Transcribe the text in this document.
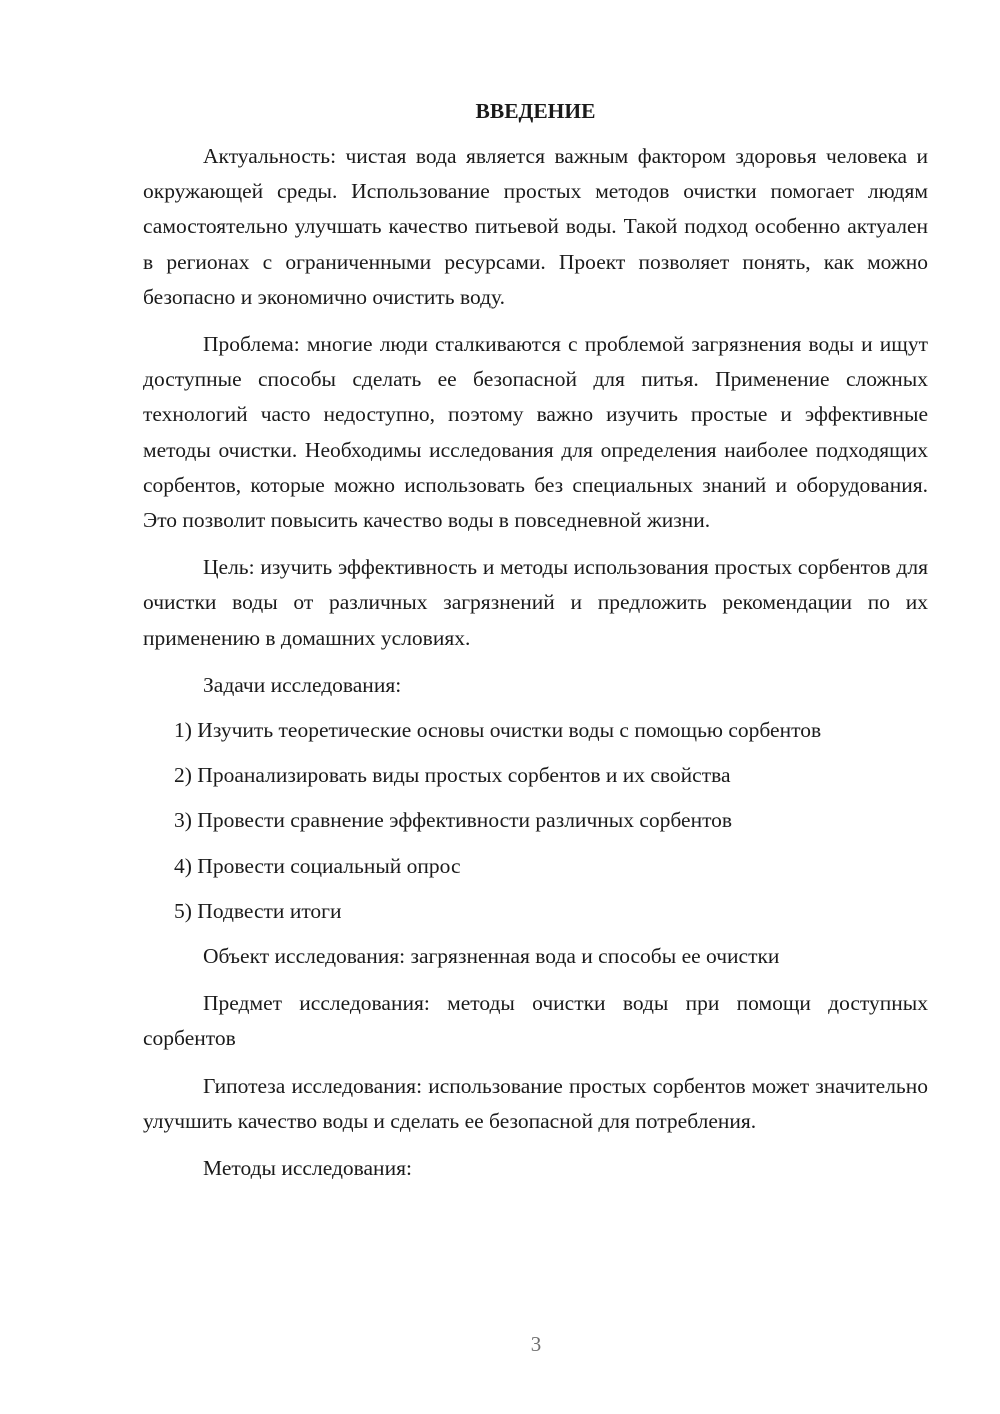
ВВЕДЕНИЕ

Актуальность: чистая вода является важным фактором здоровья человека и окружающей среды. Использование простых методов очистки помогает людям самостоятельно улучшать качество питьевой воды. Такой подход особенно актуален в регионах с ограниченными ресурсами. Проект позволяет понять, как можно безопасно и экономично очистить воду.

Проблема: многие люди сталкиваются с проблемой загрязнения воды и ищут доступные способы сделать ее безопасной для питья. Применение сложных технологий часто недоступно, поэтому важно изучить простые и эффективные методы очистки. Необходимы исследования для определения наиболее подходящих сорбентов, которые можно использовать без специальных знаний и оборудования. Это позволит повысить качество воды в повседневной жизни.

Цель: изучить эффективность и методы использования простых сорбентов для очистки воды от различных загрязнений и предложить рекомендации по их применению в домашних условиях.

Задачи исследования:

1) Изучить теоретические основы очистки воды с помощью сорбентов
2) Проанализировать виды простых сорбентов и их свойства
3) Провести сравнение эффективности различных сорбентов
4) Провести социальный опрос
5) Подвести итоги

Объект исследования: загрязненная вода и способы ее очистки

Предмет исследования: методы очистки воды при помощи доступных сорбентов

Гипотеза исследования: использование простых сорбентов может значительно улучшить качество воды и сделать ее безопасной для потребления.

Методы исследования:

3
